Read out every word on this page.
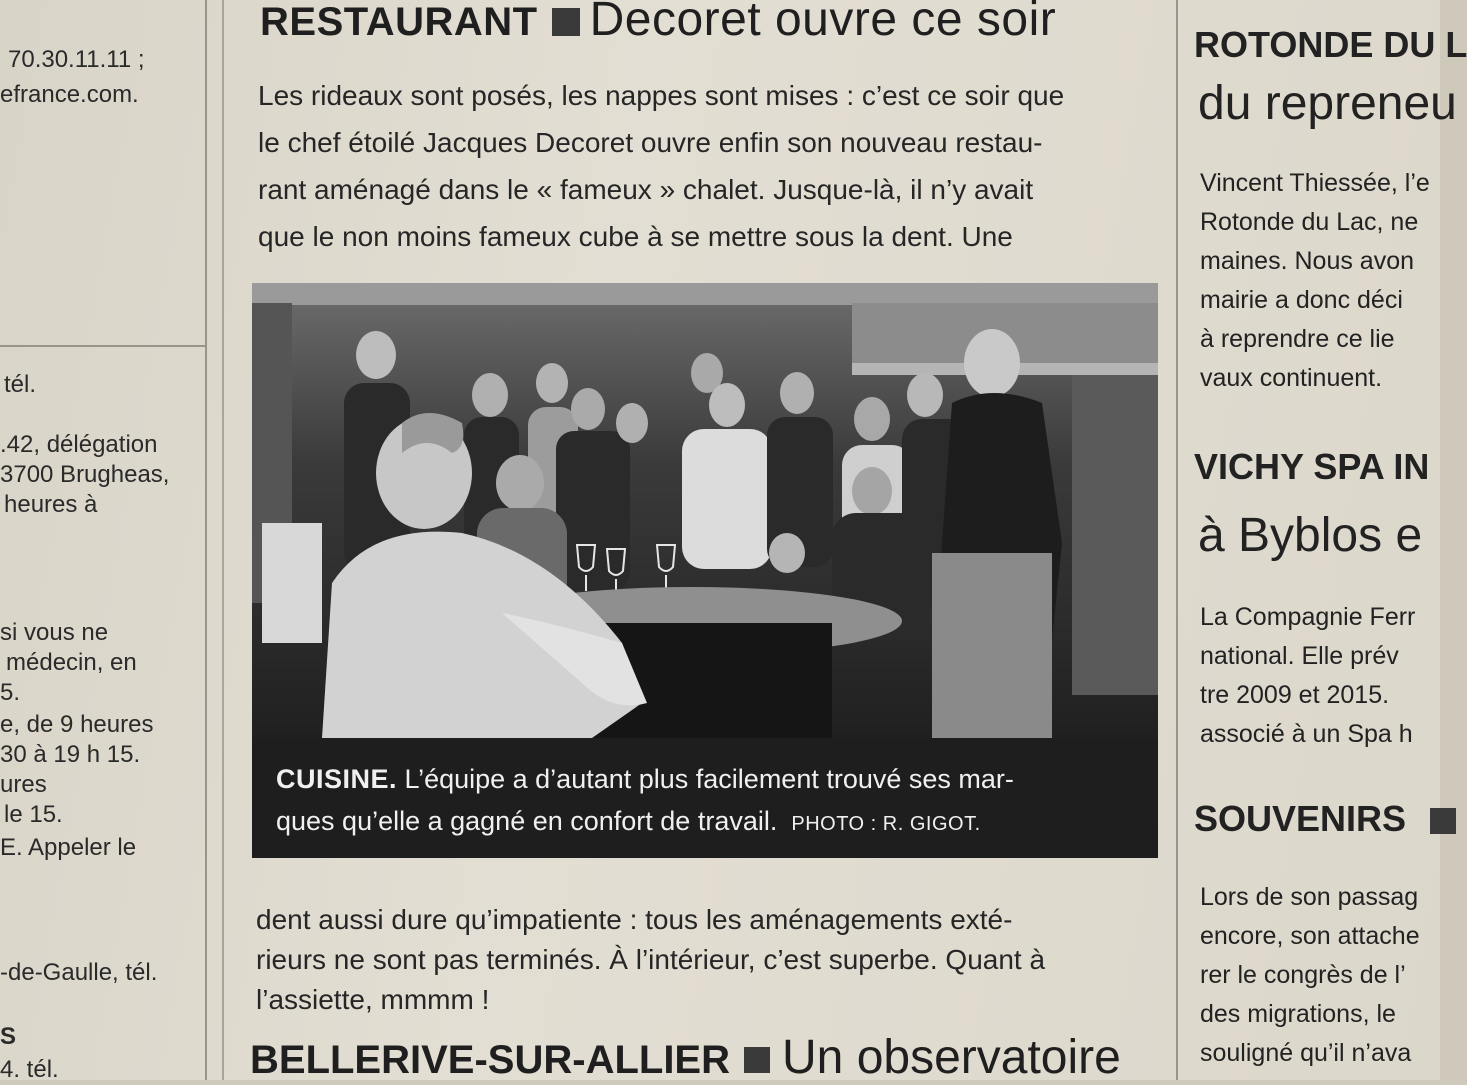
70.30.11.11 ;
efrance.com.
tél.
.42, délégation
3700 Brugheas,
heures à
si vous ne
médecin, en
5.
e, de 9 heures
30 à 19 h 15.
ures
le 15.
E. Appeler le
-de-Gaulle, tél.
S
4. tél.
RESTAURANT Decoret ouvre ce soir
Les rideaux sont posés, les nappes sont mises : c’est ce soir que
le chef étoilé Jacques Decoret ouvre enfin son nouveau restau-
rant aménagé dans le « fameux » chalet. Jusque-là, il n’y avait
que le non moins fameux cube à se mettre sous la dent. Une
CUISINE. L’équipe a d’autant plus facilement trouvé ses mar-
ques qu’elle a gagné en confort de travail. PHOTO : R. GIGOT.
dent aussi dure qu’impatiente : tous les aménagements exté-
rieurs ne sont pas terminés. À l’intérieur, c’est superbe. Quant à
l’assiette, mmmm !
BELLERIVE-SUR-ALLIER Un observatoire
ROTONDE DU L
du repreneu
Vincent Thiessée, l’e
Rotonde du Lac, ne
maines. Nous avon
mairie a donc déci
à reprendre ce lie
vaux continuent.
VICHY SPA IN
à Byblos e
La Compagnie Ferr
national. Elle prév
tre 2009 et 2015.
associé à un Spa h
SOUVENIRS
Lors de son passag
encore, son attache
rer le congrès de l’
des migrations, le
souligné qu’il n’ava
